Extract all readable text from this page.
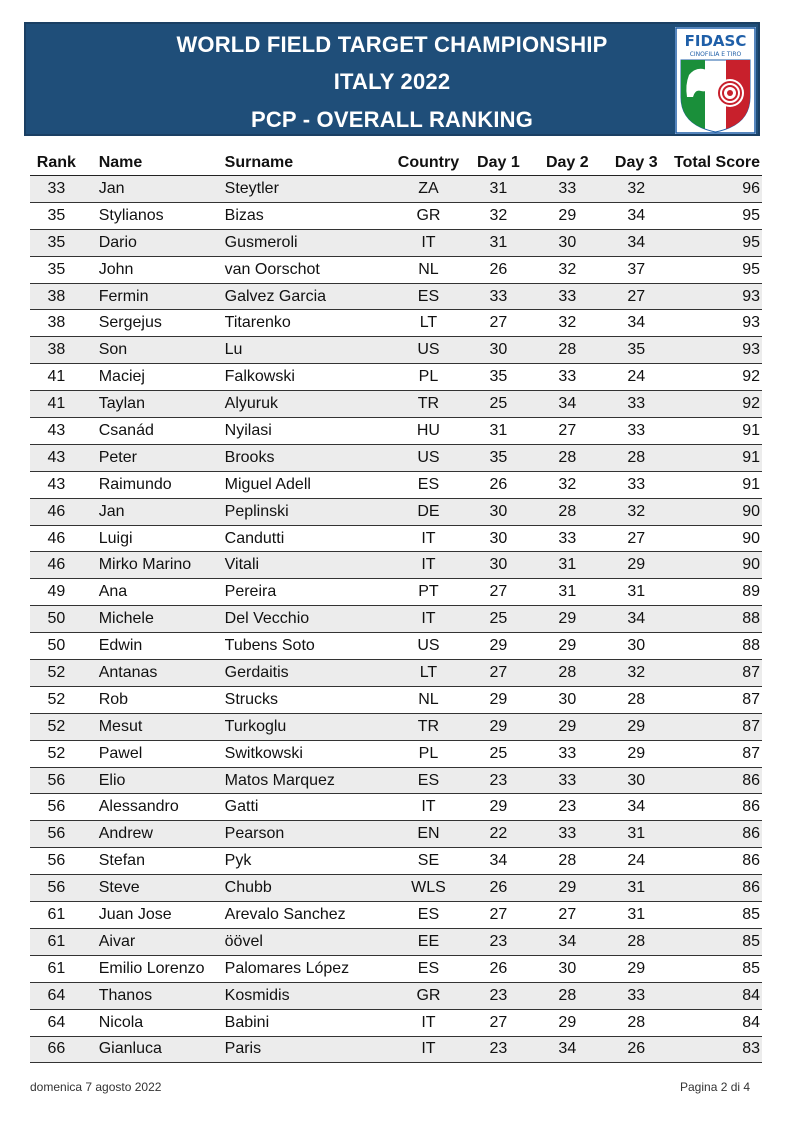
WORLD FIELD TARGET CHAMPIONSHIP
ITALY 2022
PCP - OVERALL RANKING
FIDASC
CINOFILIA E TIRO
Rank	Name	Surname	Country	Day 1	Day 2	Day 3	Total Score
33	Jan	Steytler	ZA	31	33	32	96
35	Stylianos	Bizas	GR	32	29	34	95
35	Dario	Gusmeroli	IT	31	30	34	95
35	John	van Oorschot	NL	26	32	37	95
38	Fermin	Galvez Garcia	ES	33	33	27	93
38	Sergejus	Titarenko	LT	27	32	34	93
38	Son	Lu	US	30	28	35	93
41	Maciej	Falkowski	PL	35	33	24	92
41	Taylan	Alyuruk	TR	25	34	33	92
43	Csanád	Nyilasi	HU	31	27	33	91
43	Peter	Brooks	US	35	28	28	91
43	Raimundo	Miguel Adell	ES	26	32	33	91
46	Jan	Peplinski	DE	30	28	32	90
46	Luigi	Candutti	IT	30	33	27	90
46	Mirko Marino	Vitali	IT	30	31	29	90
49	Ana	Pereira	PT	27	31	31	89
50	Michele	Del Vecchio	IT	25	29	34	88
50	Edwin	Tubens Soto	US	29	29	30	88
52	Antanas	Gerdaitis	LT	27	28	32	87
52	Rob	Strucks	NL	29	30	28	87
52	Mesut	Turkoglu	TR	29	29	29	87
52	Pawel	Switkowski	PL	25	33	29	87
56	Elio	Matos Marquez	ES	23	33	30	86
56	Alessandro	Gatti	IT	29	23	34	86
56	Andrew	Pearson	EN	22	33	31	86
56	Stefan	Pyk	SE	34	28	24	86
56	Steve	Chubb	WLS	26	29	31	86
61	Juan Jose	Arevalo Sanchez	ES	27	27	31	85
61	Aivar	öövel	EE	23	34	28	85
61	Emilio Lorenzo	Palomares López	ES	26	30	29	85
64	Thanos	Kosmidis	GR	23	28	33	84
64	Nicola	Babini	IT	27	29	28	84
66	Gianluca	Paris	IT	23	34	26	83
domenica 7 agosto 2022	Pagina 2 di 4
